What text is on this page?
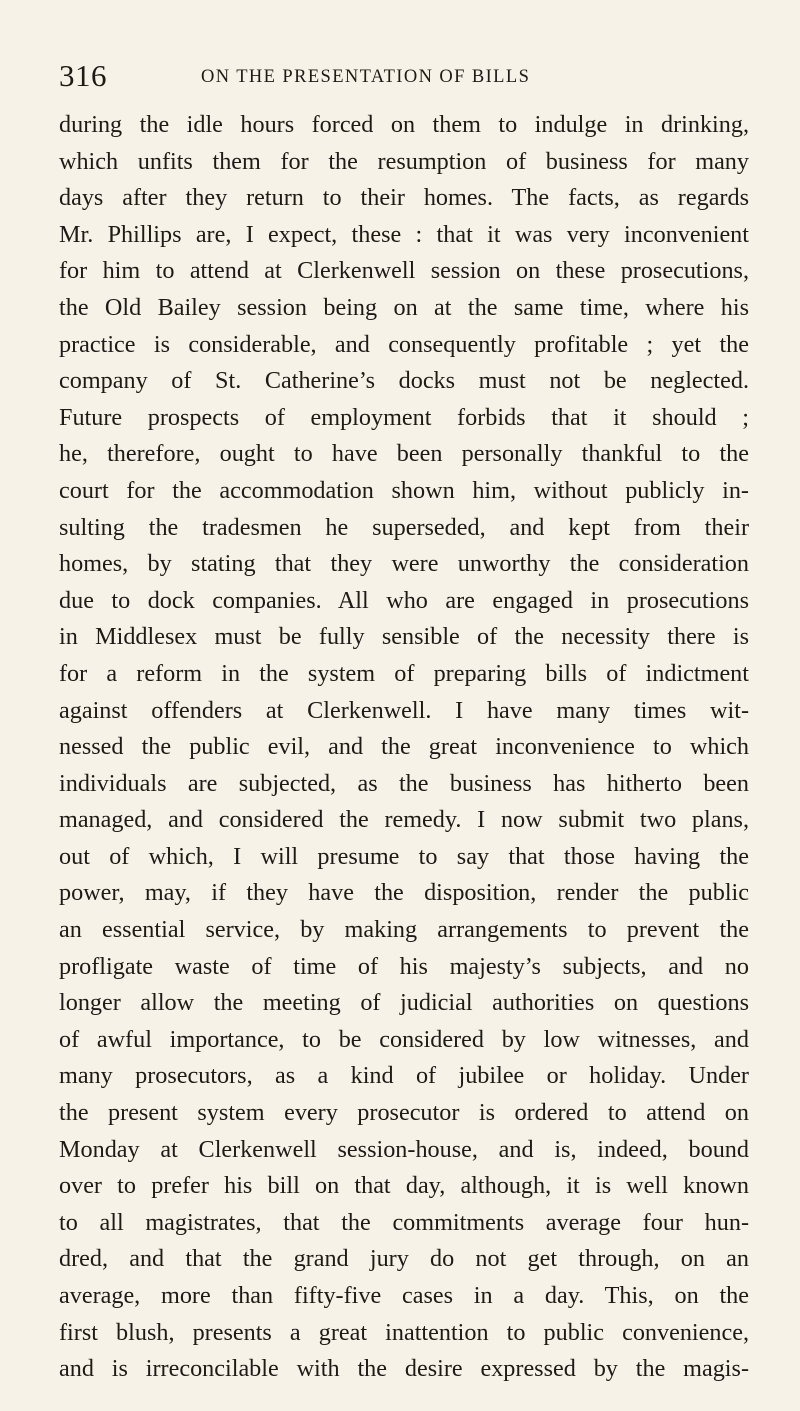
316	ON THE PRESENTATION OF BILLS
during the idle hours forced on them to indulge in drinking,
which unfits them for the resumption of business for many
days after they return to their homes. The facts, as regards
Mr. Phillips are, I expect, these : that it was very inconvenient
for him to attend at Clerkenwell session on these prosecutions,
the Old Bailey session being on at the same time, where his
practice is considerable, and consequently profitable ; yet the
company of St. Catherine’s docks must not be neglected.
Future prospects of employment forbids that it should ;
he, therefore, ought to have been personally thankful to the
court for the accommodation shown him, without publicly in-
sulting the tradesmen he superseded, and kept from their
homes, by stating that they were unworthy the consideration
due to dock companies. All who are engaged in prosecutions
in Middlesex must be fully sensible of the necessity there is
for a reform in the system of preparing bills of indictment
against offenders at Clerkenwell. I have many times wit-
nessed the public evil, and the great inconvenience to which
individuals are subjected, as the business has hitherto been
managed, and considered the remedy. I now submit two plans,
out of which, I will presume to say that those having the
power, may, if they have the disposition, render the public
an essential service, by making arrangements to prevent the
profligate waste of time of his majesty’s subjects, and no
longer allow the meeting of judicial authorities on questions
of awful importance, to be considered by low witnesses, and
many prosecutors, as a kind of jubilee or holiday. Under
the present system every prosecutor is ordered to attend on
Monday at Clerkenwell session-house, and is, indeed, bound
over to prefer his bill on that day, although, it is well known
to all magistrates, that the commitments average four hun-
dred, and that the grand jury do not get through, on an
average, more than fifty-five cases in a day. This, on the
first blush, presents a great inattention to public convenience,
and is irreconcilable with the desire expressed by the magis-
